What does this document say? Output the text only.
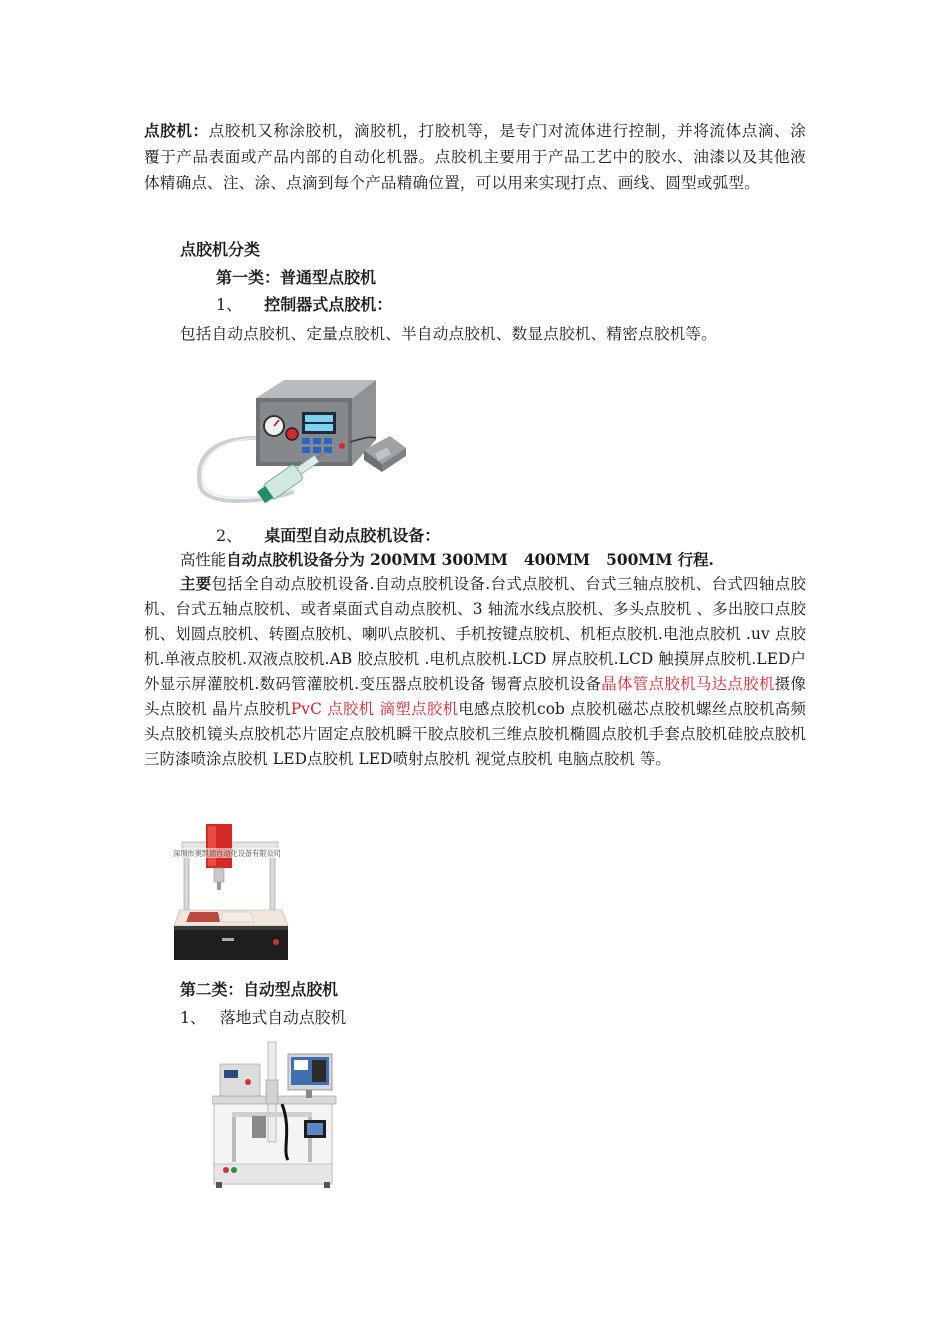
点胶机：点胶机又称涂胶机，滴胶机，打胶机等，是专门对流体进行控制，并将流体点滴、涂覆于产品表面或产品内部的自动化机器。点胶机主要用于产品工艺中的胶水、油漆以及其他液体精确点、注、涂、点滴到每个产品精确位置，可以用来实现打点、画线、圆型或弧型。
点胶机分类
第一类：普通型点胶机
1、 控制器式点胶机：
包括自动点胶机、定量点胶机、半自动点胶机、数显点胶机、精密点胶机等。
2、 桌面型自动点胶机设备：
高性能自动点胶机设备分为 200MM 300MM   400MM   500MM 行程.
主要包括全自动点胶机设备.自动点胶机设备.台式点胶机、台式三轴点胶机、台式四轴点胶机、台式五轴点胶机、或者桌面式自动点胶机、3 轴流水线点胶机、多头点胶机 、多出胶口点胶机、划圆点胶机、转圈点胶机、喇叭点胶机、手机按键点胶机、机柜点胶机.电池点胶机 .uv 点胶机.单液点胶机.双液点胶机.AB 胶点胶机 .电机点胶机.LCD 屏点胶机.LCD 触摸屏点胶机.LED户外显示屏灌胶机.数码管灌胶机.变压器点胶机设备 锡膏点胶机设备晶体管点胶机马达点胶机摄像头点胶机 晶片点胶机PvC 点胶机 滴塑点胶机电感点胶机cob 点胶机磁芯点胶机螺丝点胶机高频头点胶机镜头点胶机芯片固定点胶机瞬干胶点胶机三维点胶机椭圆点胶机手套点胶机硅胶点胶机三防漆喷涂点胶机 LED点胶机 LED喷射点胶机 视觉点胶机 电脑点胶机 等。
深圳市奥凯德自动化设备有限公司
第二类：自动型点胶机
1、 落地式自动点胶机
